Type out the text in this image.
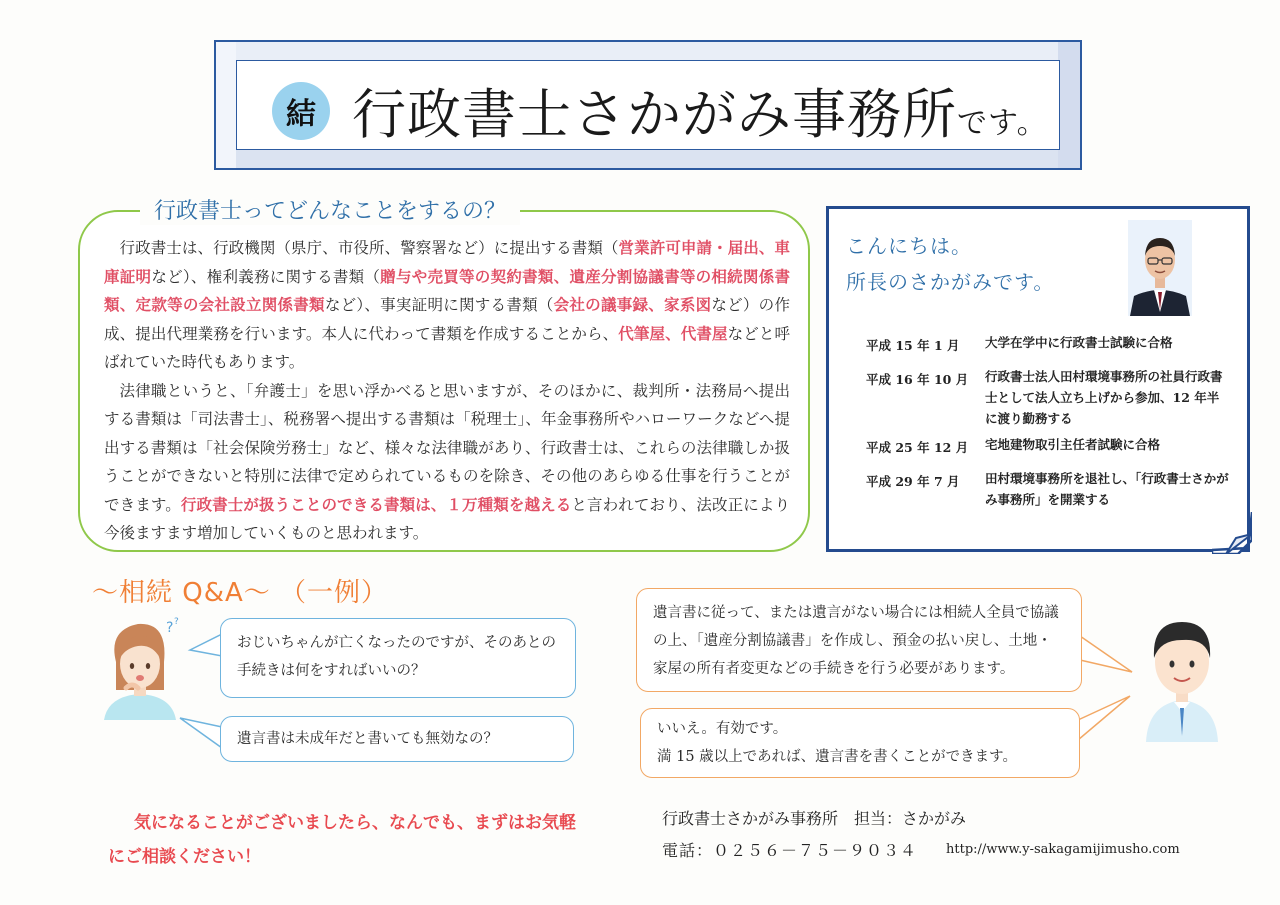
結 行政書士さかがみ事務所です。
行政書士ってどんなことをするの？

行政書士は、行政機関（県庁、市役所、警察署など）に提出する書類（営業許可申請・届出、車庫証明など）、権利義務に関する書類（贈与や売買等の契約書類、遺産分割協議書等の相続関係書類、定款等の会社設立関係書類など）、事実証明に関する書類（会社の議事録、家系図など）の作成、提出代理業務を行います。本人に代わって書類を作成することから、代筆屋、代書屋などと呼ばれていた時代もあります。

法律職というと、「弁護士」を思い浮かべると思いますが、そのほかに、裁判所・法務局へ提出する書類は「司法書士」、税務署へ提出する書類は「税理士」、年金事務所やハローワークなどへ提出する書類は「社会保険労務士」など、様々な法律職があり、行政書士は、これらの法律職しか扱うことができないと特別に法律で定められているものを除き、その他のあらゆる仕事を行うことができます。行政書士が扱うことのできる書類は、１万種類を越えると言われており、法改正により今後ますます増加していくものと思われます。

こんにちは。
所長のさかがみです。
平成 15 年 1 月	大学在学中に行政書士試験に合格
平成 16 年 10 月	行政書士法人田村環境事務所の社員行政書士として法人立ち上げから参加、12 年半に渡り勤務する
平成 25 年 12 月	宅地建物取引主任者試験に合格
平成 29 年 7 月	田村環境事務所を退社し、「行政書士さかがみ事務所」を開業する
～相続 Q&A～ （一例）
? ?
おじいちゃんが亡くなったのですが、そのあとの手続きは何をすればいいの？
遺言書は未成年だと書いても無効なの？
遺言書に従って、または遺言がない場合には相続人全員で協議の上、「遺産分割協議書」を作成し、預金の払い戻し、土地・家屋の所有者変更などの手続きを行う必要があります。
いいえ。有効です。
満 15 歳以上であれば、遺言書を書くことができます。
気になることがございましたら、なんでも、まずはお気軽
にご相談ください！
行政書士さかがみ事務所　担当：さかがみ
電話：０２５６－７５－９０３４ http://www.y-sakagamijimusho.com
